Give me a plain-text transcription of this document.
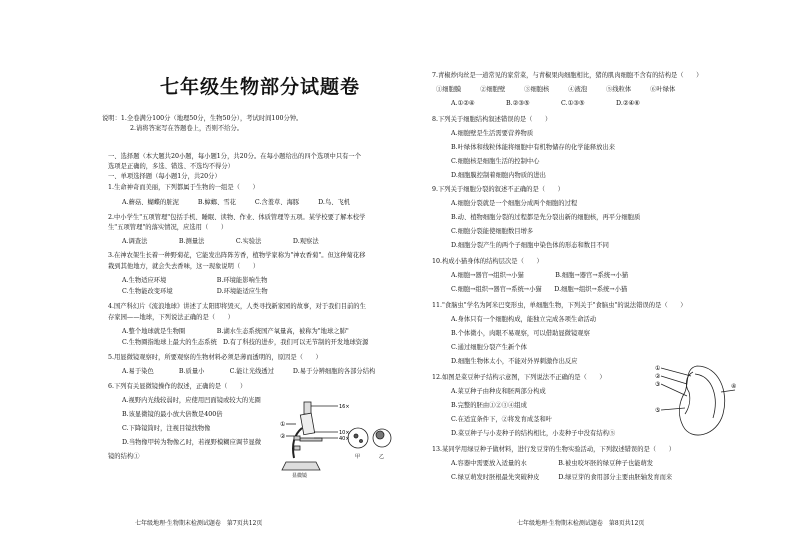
七年级生物部分试题卷
说明：1.全卷满分100分（地理50分，生物50分），考试时间100分钟。
2.请将答案写在答题卷上，否则不给分。
一、选择题（本大题共20小题，每小题1分，共20分。在每小题给出的四个选项中只有一个
选项是正确的，多选、错选、不选均不得分）
一、单项选择题（每小题1分，共20分）
1.生命神奇而美丽，下列都属于生物的一组是（　　）
A.蘑菇、蝴蝶的脏泥　　　B.蟑螂、雪花　　　C.含羞草、海豚　　　D.鸟、飞机
2.中小学生"五项管理"包括手机、睡眠、读物、作业、体质管理等五项。某学校要了解本校学
生"五项管理"的落实情况，应选用（　　）
A.调查法　　　　　B.测量法　　　　　C.实验法　　　　　D.观察法
3.在神农架生长着一种野菊花，它能发出阵阵芳香，植物学家称为"神农香菊"。但这种菊花移
栽到其他地方，就会失去香味，这一现象说明（　　）
A.生物适应环境　　　　　　　　B.环境能影响生物
C.生物能改变环境　　　　　　　D.环境能适应生物
4.国产科幻片《流浪地球》讲述了太阳即将毁灭，人类寻找新家园的故事，对于我们目前的生
存家园——地球，下列说法正确的是（　　）
A.整个地球就是生物圈　　　　　B.湖水生态系统国产氧量高，被称为"地球之肺"
C.生物圈指地球上最大的生态系统　D.有了科技的进步，我们可以无节制的开发地球资源
5.用显微镜观察时，所要观察的生物材料必须是薄而透明的，原因是（　　）
A.易于染色　　　　B.质量小　　　　C.能让光线透过　　　D.易于分辨细胞的各部分结构
6.下列有关显微镜操作的叙述，正确的是（　　）
A.视野内光线较弱时，应使用凹面镜或较大的光圈
B.该显微镜的最小放大倍数是400倍
C.下降镜筒时，注视目镜找物像
D.当物像甲转为物像乙时，若视野模糊应调节显微
镜的结构①
16×
10×
40×
①
②
甲	乙
显微镜
七年级地理·生物期末检测试题卷　第7页共12页
7.青椒炒肉丝是一道常见的家常菜，与青椒果肉细胞相比，猪的肌肉细胞不含有的结构是（　　）
①细胞膜　　　②细胞壁　　　③细胞核　　　④液泡　　　⑤线粒体　　　⑥叶绿体
A.①②④　　　　　B.②③⑤　　　　　C.①③⑤　　　　　D.②④⑥
8.下列关于细胞结构叙述错误的是（　　）
A.细胞壁是生活需要营养物质
B.叶绿体和线粒体能将细胞中有机物储存的化学能释放出来
C.细胞核是细胞生活的控制中心
D.细胞膜控制着细胞内物质的进出
9.下列关于细胞分裂的叙述不正确的是（　　）
A.细胞分裂就是一个细胞分成两个细胞的过程
B.动、植物细胞分裂的过程都是先分裂出新的细胞核，再平分细胞质
C.细胞分裂能使细胞数目增多
D.细胞分裂产生的两个子细胞中染色体的形态和数目不同
10.构成小猫身体的结构层次是（　　）
A.细胞→器官→组织→小猫　　　　　B.细胞→器官→系统→小猫
C.细胞→组织→器官→系统→小猫　　D.细胞→组织→系统→小猫
11."食脑虫"学名为阿米巴变形虫，单细胞生物，下列关于"食脑虫"的说法错误的是（　　）
A.身体只有一个细胞构成，能独立完成各项生命活动
B.个体微小，肉眼不易观察，可以借助显微镜观察
C.通过细胞分裂产生新个体
D.细胞生物体太小，不能对外界刺激作出反应
12.如图是菜豆种子结构示意图，下列说法不正确的是（　　）
A.菜豆种子由种皮和胚两部分构成
B.完整的胚由①②③④组成
C.在适宜条件下，②将发育成茎和叶
D.菜豆种子与小麦种子的结构相比，小麦种子中没有结构⑤
13.某同学用绿豆种子做材料，进行发豆芽的生物实验活动，下列叙述错误的是（　　）
A.容器中需要放入适量的水　　　　　B.被虫咬坏胚的绿豆种子也能萌发
C.绿豆萌发时胚根最先突破种皮　　　D.绿豆芽的食用部分主要由胚轴发育而来
①
②
③	④
⑤
七年级地理·生物期末检测试题卷　第8页共12页
